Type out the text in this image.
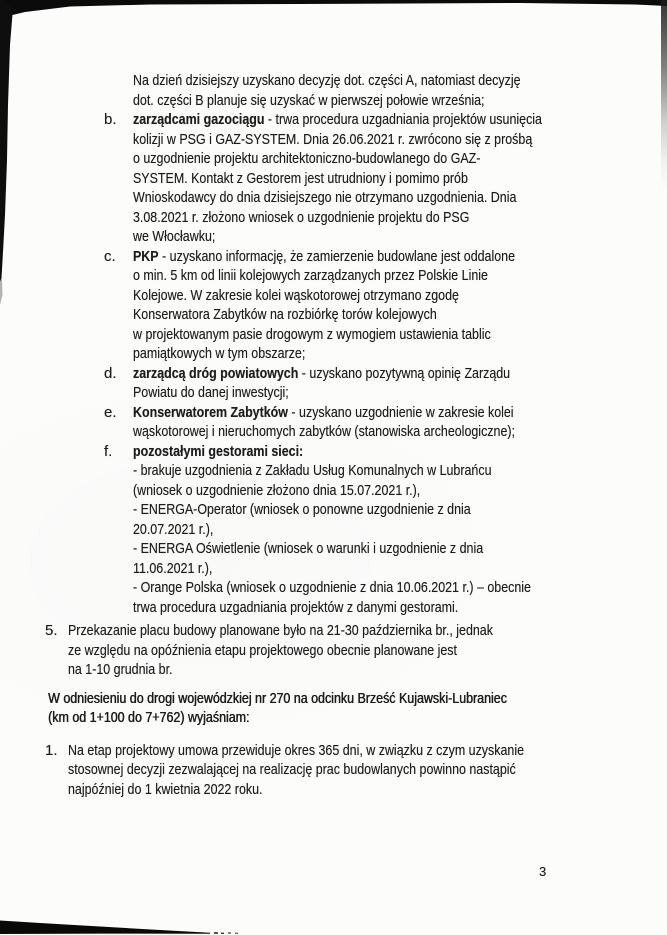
Na dzień dzisiejszy uzyskano decyzję dot. części A, natomiast decyzję
dot. części B planuje się uzyskać w pierwszej połowie września;
b. zarządcami gazociągu - trwa procedura uzgadniania projektów usunięcia
kolizji w PSG i GAZ-SYSTEM. Dnia 26.06.2021 r. zwrócono się z prośbą
o uzgodnienie projektu architektoniczno-budowlanego do GAZ-
SYSTEM. Kontakt z Gestorem jest utrudniony i pomimo prób
Wnioskodawcy do dnia dzisiejszego nie otrzymano uzgodnienia. Dnia
3.08.2021 r. złożono wniosek o uzgodnienie projektu do PSG
we Włocławku;
c. PKP - uzyskano informację, że zamierzenie budowlane jest oddalone
o min. 5 km od linii kolejowych zarządzanych przez Polskie Linie
Kolejowe. W zakresie kolei wąskotorowej otrzymano zgodę
Konserwatora Zabytków na rozbiórkę torów kolejowych
w projektowanym pasie drogowym z wymogiem ustawienia tablic
pamiątkowych w tym obszarze;
d. zarządcą dróg powiatowych - uzyskano pozytywną opinię Zarządu
Powiatu do danej inwestycji;
e. Konserwatorem Zabytków - uzyskano uzgodnienie w zakresie kolei
wąskotorowej i nieruchomych zabytków (stanowiska archeologiczne);
f. pozostałymi gestorami sieci:
- brakuje uzgodnienia z Zakładu Usług Komunalnych w Lubrańcu
(wniosek o uzgodnienie złożono dnia 15.07.2021 r.),
- ENERGA-Operator (wniosek o ponowne uzgodnienie z dnia
20.07.2021 r.),
- ENERGA Oświetlenie (wniosek o warunki i uzgodnienie z dnia
11.06.2021 r.),
- Orange Polska (wniosek o uzgodnienie z dnia 10.06.2021 r.) – obecnie
trwa procedura uzgadniania projektów z danymi gestorami.
5. Przekazanie placu budowy planowane było na 21-30 października br., jednak
ze względu na opóźnienia etapu projektowego obecnie planowane jest
na 1-10 grudnia br.
W odniesieniu do drogi wojewódzkiej nr 270 na odcinku Brześć Kujawski-Lubraniec
(km od 1+100 do 7+762) wyjaśniam:
1. Na etap projektowy umowa przewiduje okres 365 dni, w związku z czym uzyskanie
stosownej decyzji zezwalającej na realizację prac budowlanych powinno nastąpić
najpóźniej do 1 kwietnia 2022 roku.
3
